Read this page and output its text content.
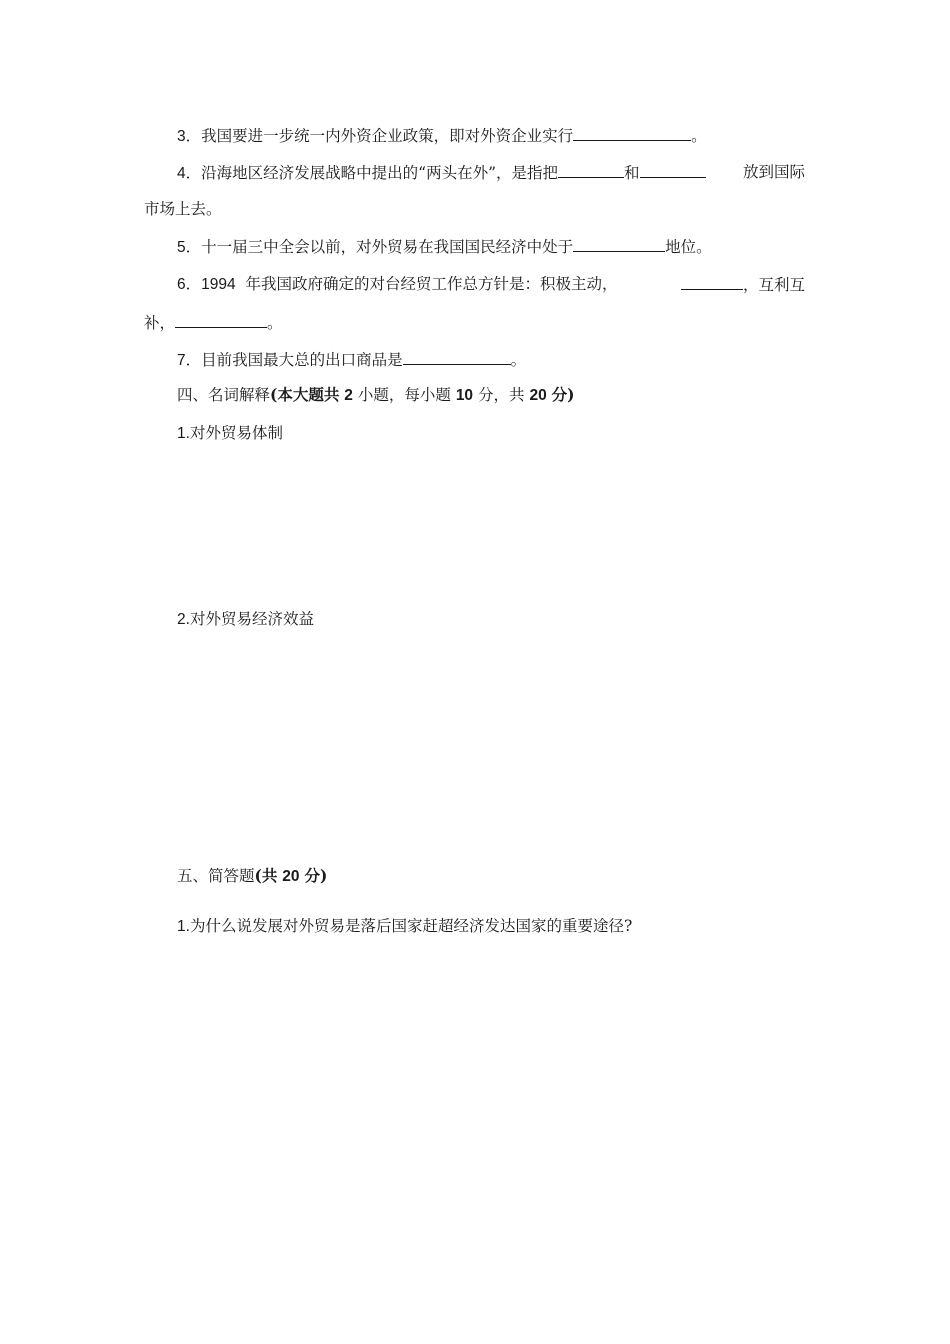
3．我国要进一步统一内外资企业政策，即对外资企业实行	。
4．沿海地区经济发展战略中提出的“两头在外”，是指把	和	放到国际
市场上去。
5．十一届三中全会以前，对外贸易在我国国民经济中处于	地位。
6．1994 年我国政府确定的对台经贸工作总方针是：积极主动，	，互利互
补，	。
7．目前我国最大总的出口商品是	。
四、名词解释(本大题共 2 小题，每小题 10 分，共 20 分)
1.对外贸易体制
2.对外贸易经济效益
五、简答题(共 20 分)
1.为什么说发展对外贸易是落后国家赶超经济发达国家的重要途径?
